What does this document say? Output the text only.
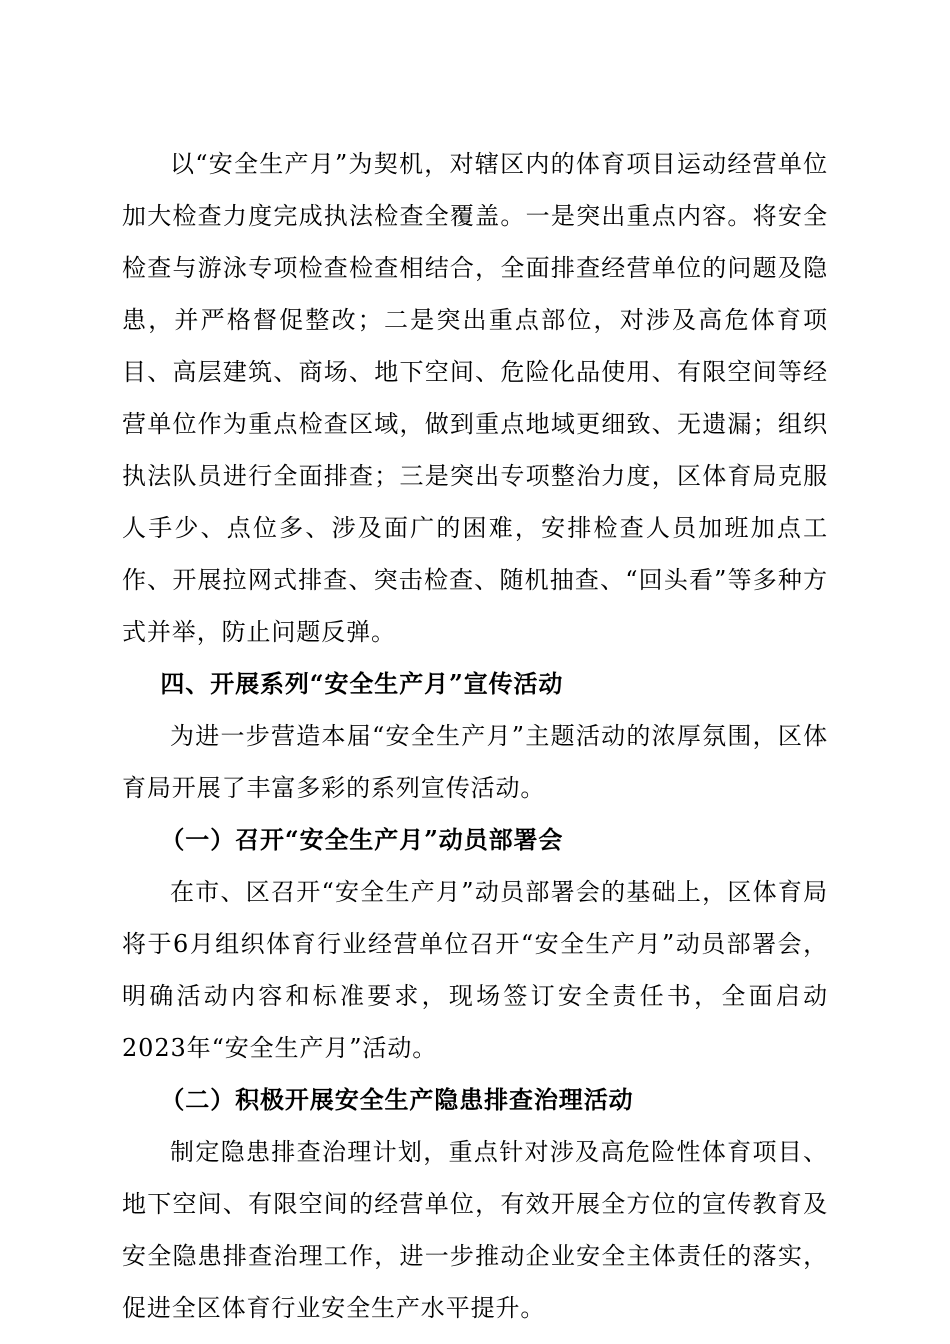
以“安全生产月”为契机，对辖区内的体育项目运动经营单位加大检查力度完成执法检查全覆盖。一是突出重点内容。将安全检查与游泳专项检查检查相结合，全面排查经营单位的问题及隐患，并严格督促整改；二是突出重点部位，对涉及高危体育项目、高层建筑、商场、地下空间、危险化品使用、有限空间等经营单位作为重点检查区域，做到重点地域更细致、无遗漏；组织执法队员进行全面排查；三是突出专项整治力度，区体育局克服人手少、点位多、涉及面广的困难，安排检查人员加班加点工作、开展拉网式排查、突击检查、随机抽查、“回头看”等多种方式并举，防止问题反弹。

四、开展系列“安全生产月”宣传活动

为进一步营造本届“安全生产月”主题活动的浓厚氛围，区体育局开展了丰富多彩的系列宣传活动。

（一）召开“安全生产月”动员部署会

在市、区召开“安全生产月”动员部署会的基础上，区体育局将于6月组织体育行业经营单位召开“安全生产月”动员部署会，明确活动内容和标准要求，现场签订安全责任书，全面启动2023年“安全生产月”活动。

（二）积极开展安全生产隐患排查治理活动

制定隐患排查治理计划，重点针对涉及高危险性体育项目、地下空间、有限空间的经营单位，有效开展全方位的宣传教育及安全隐患排查治理工作，进一步推动企业安全主体责任的落实，促进全区体育行业安全生产水平提升。
